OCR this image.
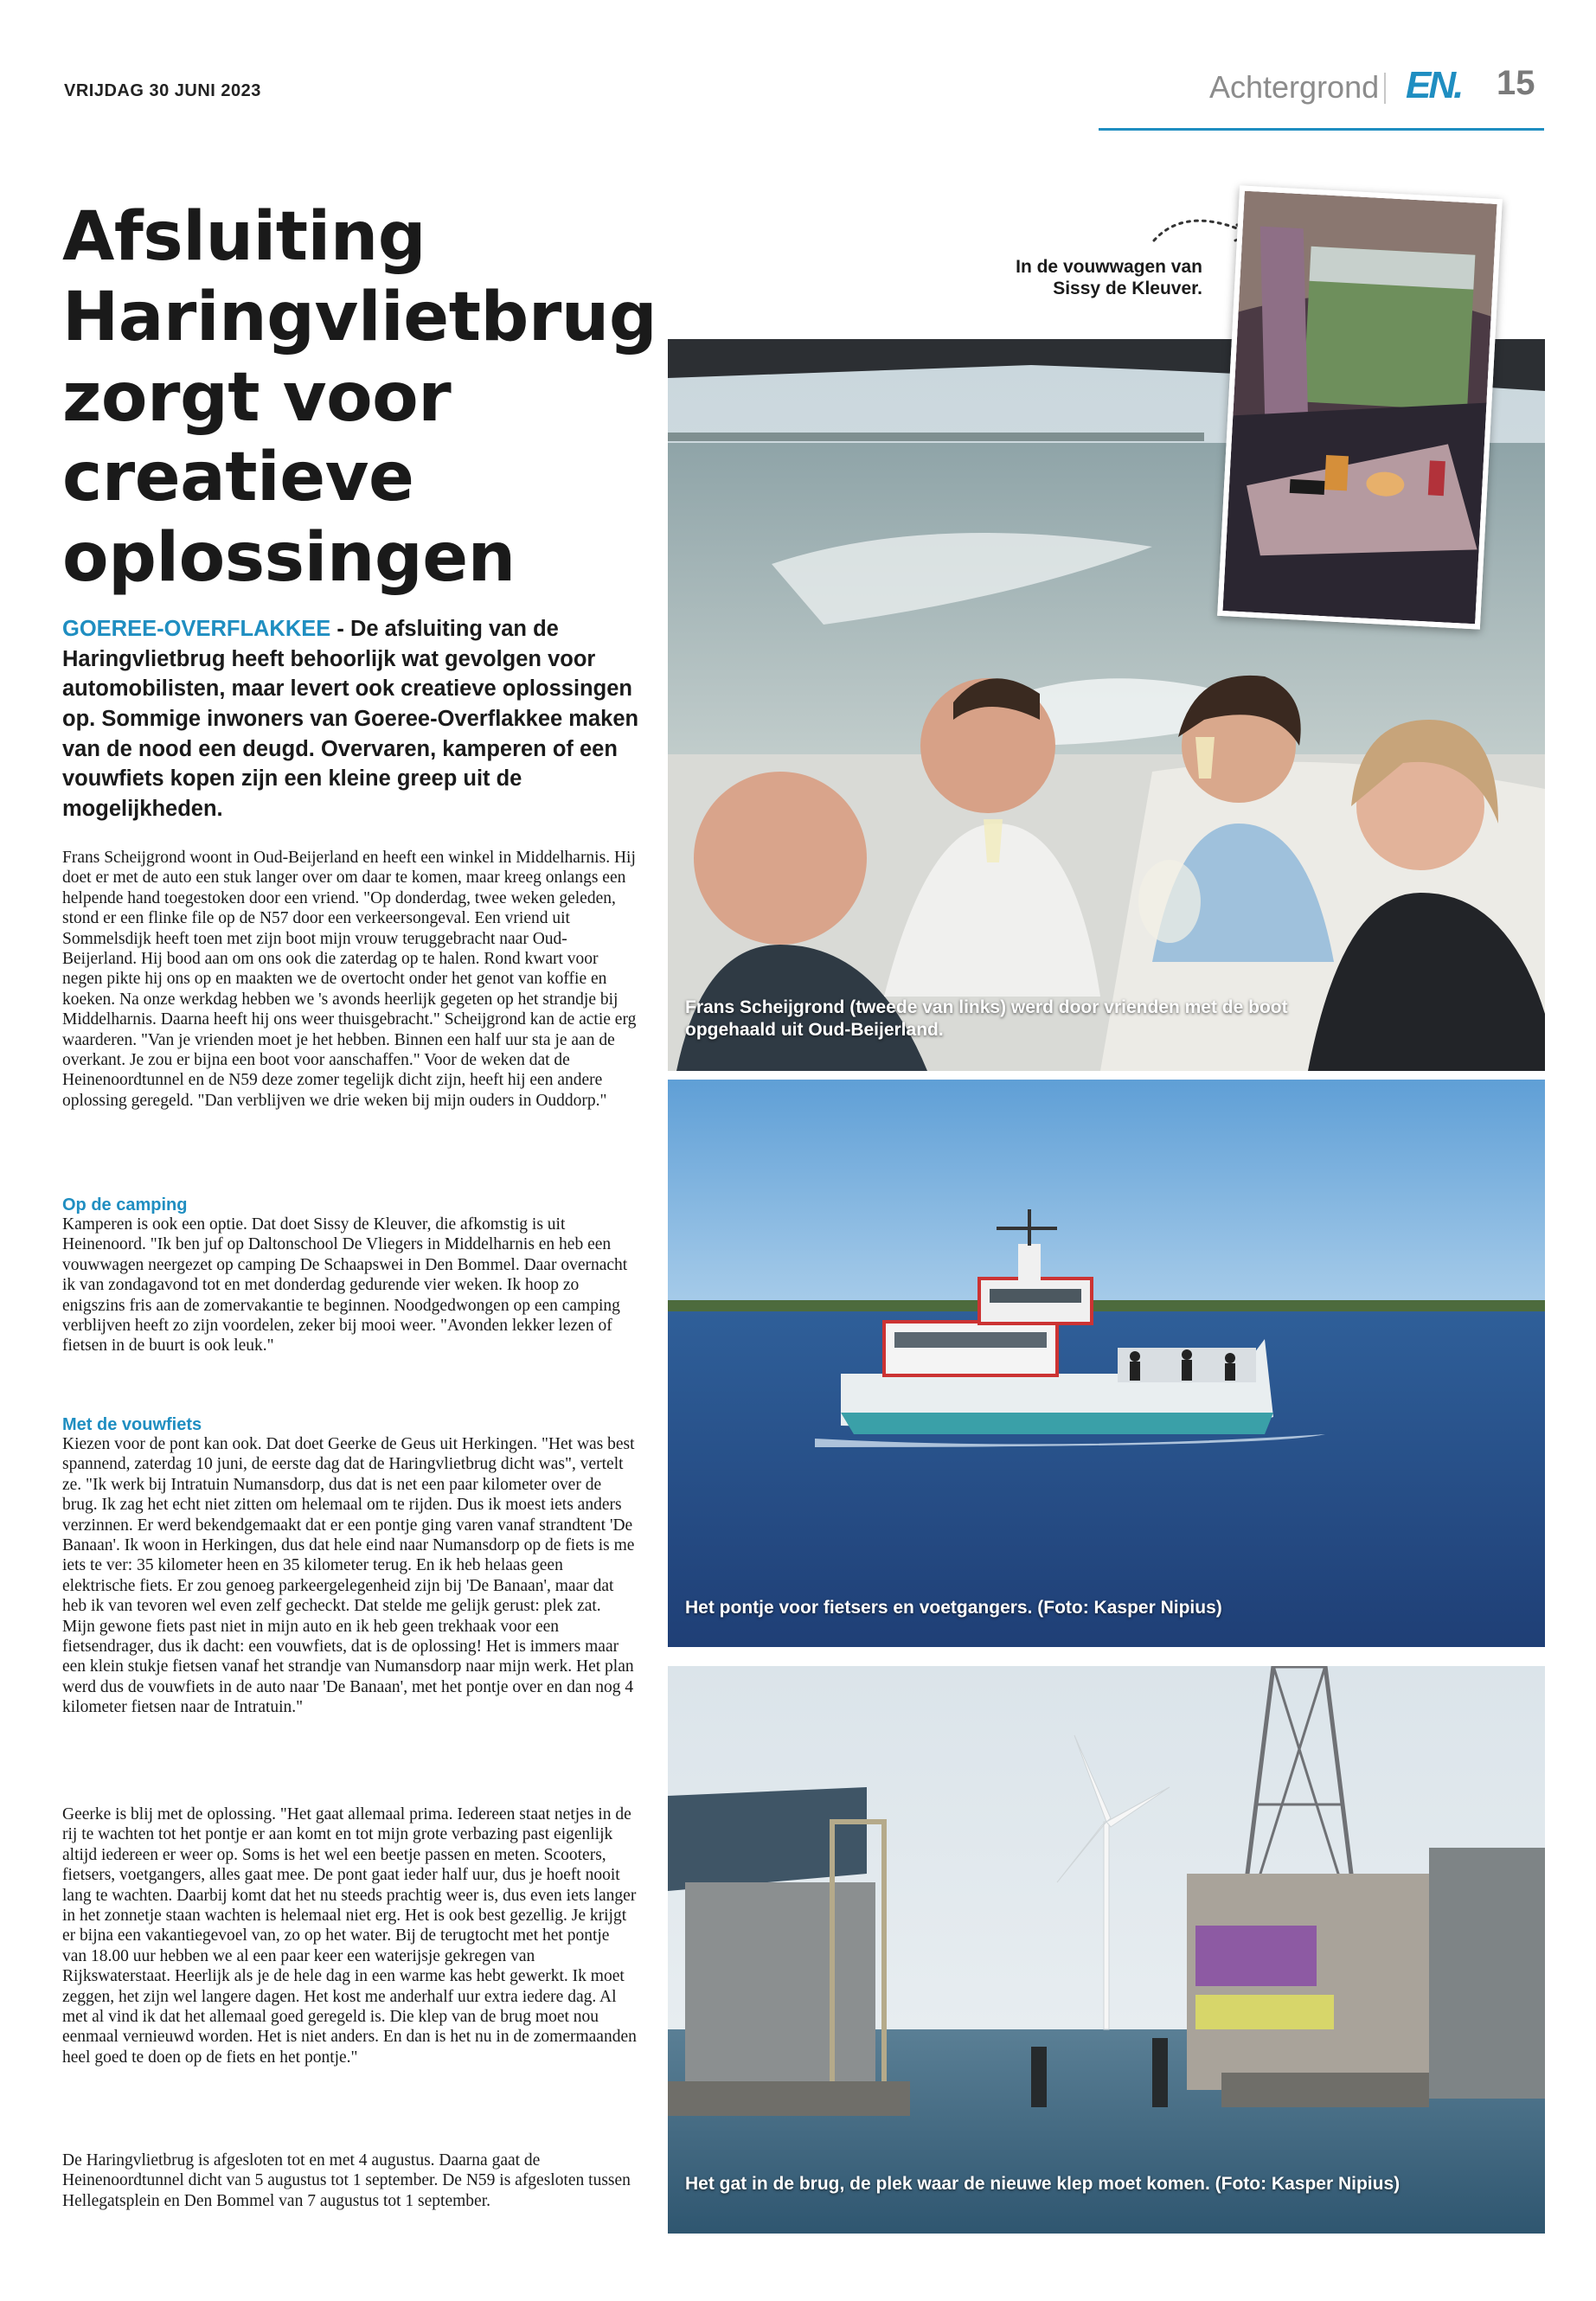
VRIJDAG 30 JUNI 2023	Achtergrond EN. 15
Afsluiting
Haringvlietbrug
zorgt voor
creatieve
oplossingen

GOEREE-OVERFLAKKEE - De afsluiting van de Haringvlietbrug heeft behoorlijk wat gevolgen voor automobilisten, maar levert ook creatieve oplossingen op. Sommige inwoners van Goeree-Overflakkee maken van de nood een deugd. Overvaren, kamperen of een vouwfiets kopen zijn een kleine greep uit de mogelijkheden.

Frans Scheijgrond woont in Oud-Beijerland en heeft een winkel in Middelharnis. Hij doet er met de auto een stuk langer over om daar te komen, maar kreeg onlangs een helpende hand toegestoken door een vriend. "Op donderdag, twee weken geleden, stond er een flinke file op de N57 door een verkeersongeval. Een vriend uit Sommelsdijk heeft toen met zijn boot mijn vrouw teruggebracht naar Oud-Beijerland. Hij bood aan om ons ook die zaterdag op te halen. Rond kwart voor negen pikte hij ons op en maakten we de overtocht onder het genot van koffie en koeken. Na onze werkdag hebben we 's avonds heerlijk gegeten op het strandje bij Middelharnis. Daarna heeft hij ons weer thuisgebracht." Scheijgrond kan de actie erg waarderen. "Van je vrienden moet je het hebben. Binnen een half uur sta je aan de overkant. Je zou er bijna een boot voor aanschaffen." Voor de weken dat de Heinenoordtunnel en de N59 deze zomer tegelijk dicht zijn, heeft hij een andere oplossing geregeld. "Dan verblijven we drie weken bij mijn ouders in Ouddorp."

Op de camping

Kamperen is ook een optie. Dat doet Sissy de Kleuver, die afkomstig is uit Heinenoord. "Ik ben juf op Daltonschool De Vliegers in Middelharnis en heb een vouwwagen neergezet op camping De Schaapswei in Den Bommel. Daar overnacht ik van zondagavond tot en met donderdag gedurende vier weken. Ik hoop zo enigszins fris aan de zomervakantie te beginnen. Noodgedwongen op een camping verblijven heeft zo zijn voordelen, zeker bij mooi weer. "Avonden lekker lezen of fietsen in de buurt is ook leuk."

Met de vouwfiets

Kiezen voor de pont kan ook. Dat doet Geerke de Geus uit Herkingen. "Het was best spannend, zaterdag 10 juni, de eerste dag dat de Haringvlietbrug dicht was", vertelt ze. "Ik werk bij Intratuin Numansdorp, dus dat is net een paar kilometer over de brug. Ik zag het echt niet zitten om helemaal om te rijden. Dus ik moest iets anders verzinnen. Er werd bekendgemaakt dat er een pontje ging varen vanaf strandtent 'De Banaan'. Ik woon in Herkingen, dus dat hele eind naar Numansdorp op de fiets is me iets te ver: 35 kilometer heen en 35 kilometer terug. En ik heb helaas geen elektrische fiets. Er zou genoeg parkeergelegenheid zijn bij 'De Banaan', maar dat heb ik van tevoren wel even zelf gecheckt. Dat stelde me gelijk gerust: plek zat. Mijn gewone fiets past niet in mijn auto en ik heb geen trekhaak voor een fietsendrager, dus ik dacht: een vouwfiets, dat is de oplossing! Het is immers maar een klein stukje fietsen vanaf het strandje van Numansdorp naar mijn werk. Het plan werd dus de vouwfiets in de auto naar 'De Banaan', met het pontje over en dan nog 4 kilometer fietsen naar de Intratuin."

Geerke is blij met de oplossing. "Het gaat allemaal prima. Iedereen staat netjes in de rij te wachten tot het pontje er aan komt en tot mijn grote verbazing past eigenlijk altijd iedereen er weer op. Soms is het wel een beetje passen en meten. Scooters, fietsers, voetgangers, alles gaat mee. De pont gaat ieder half uur, dus je hoeft nooit lang te wachten. Daarbij komt dat het nu steeds prachtig weer is, dus even iets langer in het zonnetje staan wachten is helemaal niet erg. Het is ook best gezellig. Je krijgt er bijna een vakantiegevoel van, zo op het water. Bij de terugtocht met het pontje van 18.00 uur hebben we al een paar keer een waterijsje gekregen van Rijkswaterstaat. Heerlijk als je de hele dag in een warme kas hebt gewerkt. Ik moet zeggen, het zijn wel langere dagen. Het kost me anderhalf uur extra iedere dag. Al met al vind ik dat het allemaal goed geregeld is. Die klep van de brug moet nou eenmaal vernieuwd worden. Het is niet anders. En dan is het nu in de zomermaanden heel goed te doen op de fiets en het pontje."

De Haringvlietbrug is afgesloten tot en met 4 augustus. Daarna gaat de Heinenoordtunnel dicht van 5 augustus tot 1 september. De N59 is afgesloten tussen Hellegatsplein en Den Bommel van 7 augustus tot 1 september.

Frans Scheijgrond (tweede van links) werd door vrienden met de boot opgehaald uit Oud-Beijerland.
In de vouwwagen van Sissy de Kleuver.
Het pontje voor fietsers en voetgangers. (Foto: Kasper Nipius)
Het gat in de brug, de plek waar de nieuwe klep moet komen. (Foto: Kasper Nipius)
